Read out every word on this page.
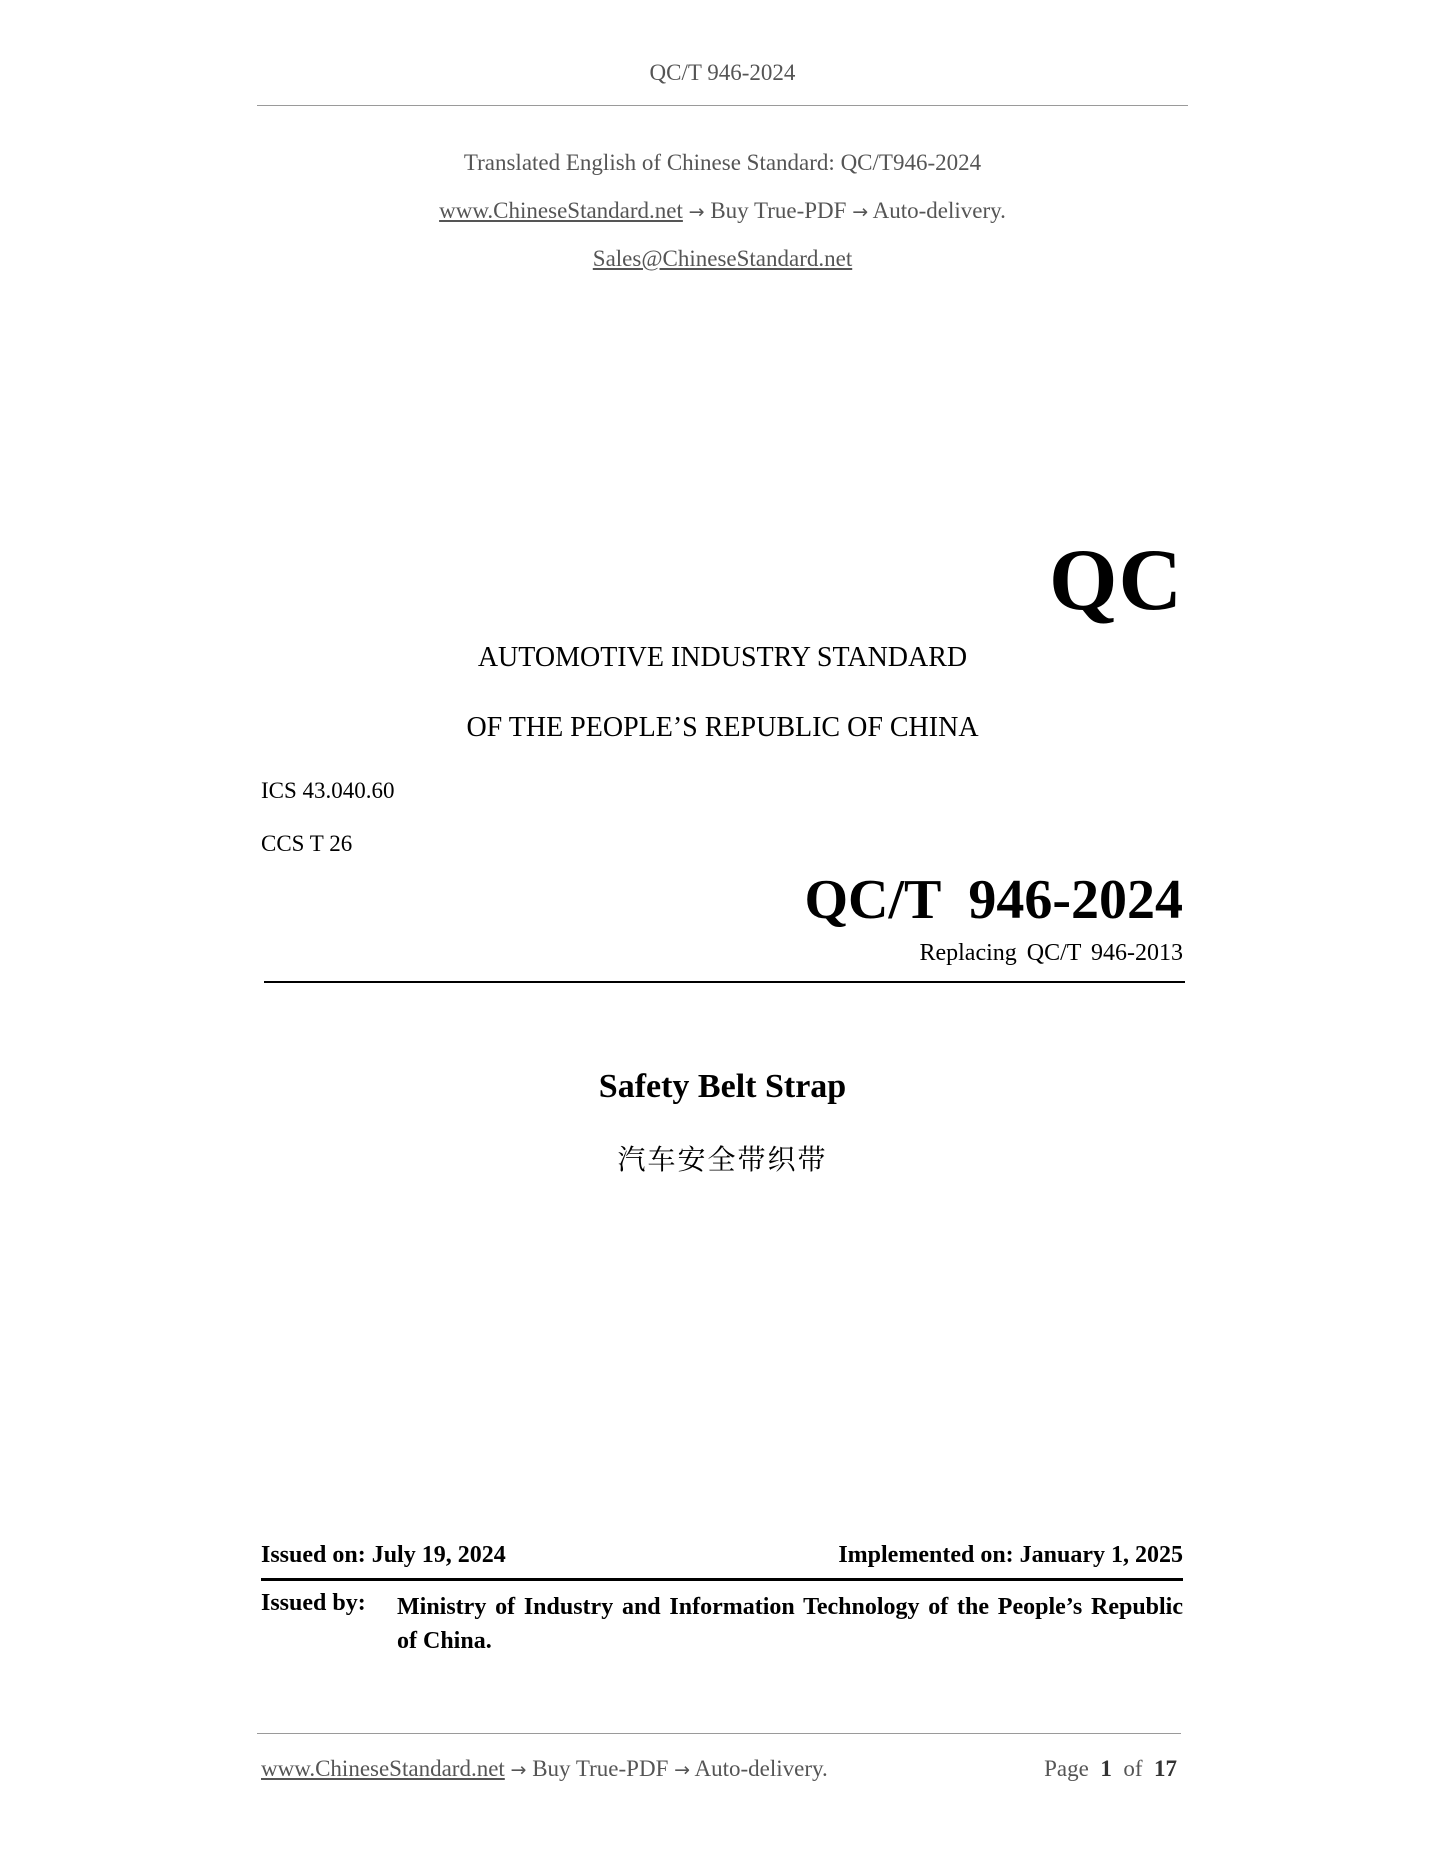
QC/T 946-2024
Translated English of Chinese Standard: QC/T946-2024
www.ChineseStandard.net → Buy True-PDF → Auto-delivery.
Sales@ChineseStandard.net
QC
AUTOMOTIVE INDUSTRY STANDARD
OF THE PEOPLE’S REPUBLIC OF CHINA
ICS 43.040.60
CCS T 26
QC/T 946-2024
Replacing QC/T 946-2013
Safety Belt Strap
汽车安全带织带
Issued on: July 19, 2024	Implemented on: January 1, 2025
Issued by: Ministry of Industry and Information Technology of the People’s Republic of China.
www.ChineseStandard.net → Buy True-PDF → Auto-delivery.	Page 1 of 17
